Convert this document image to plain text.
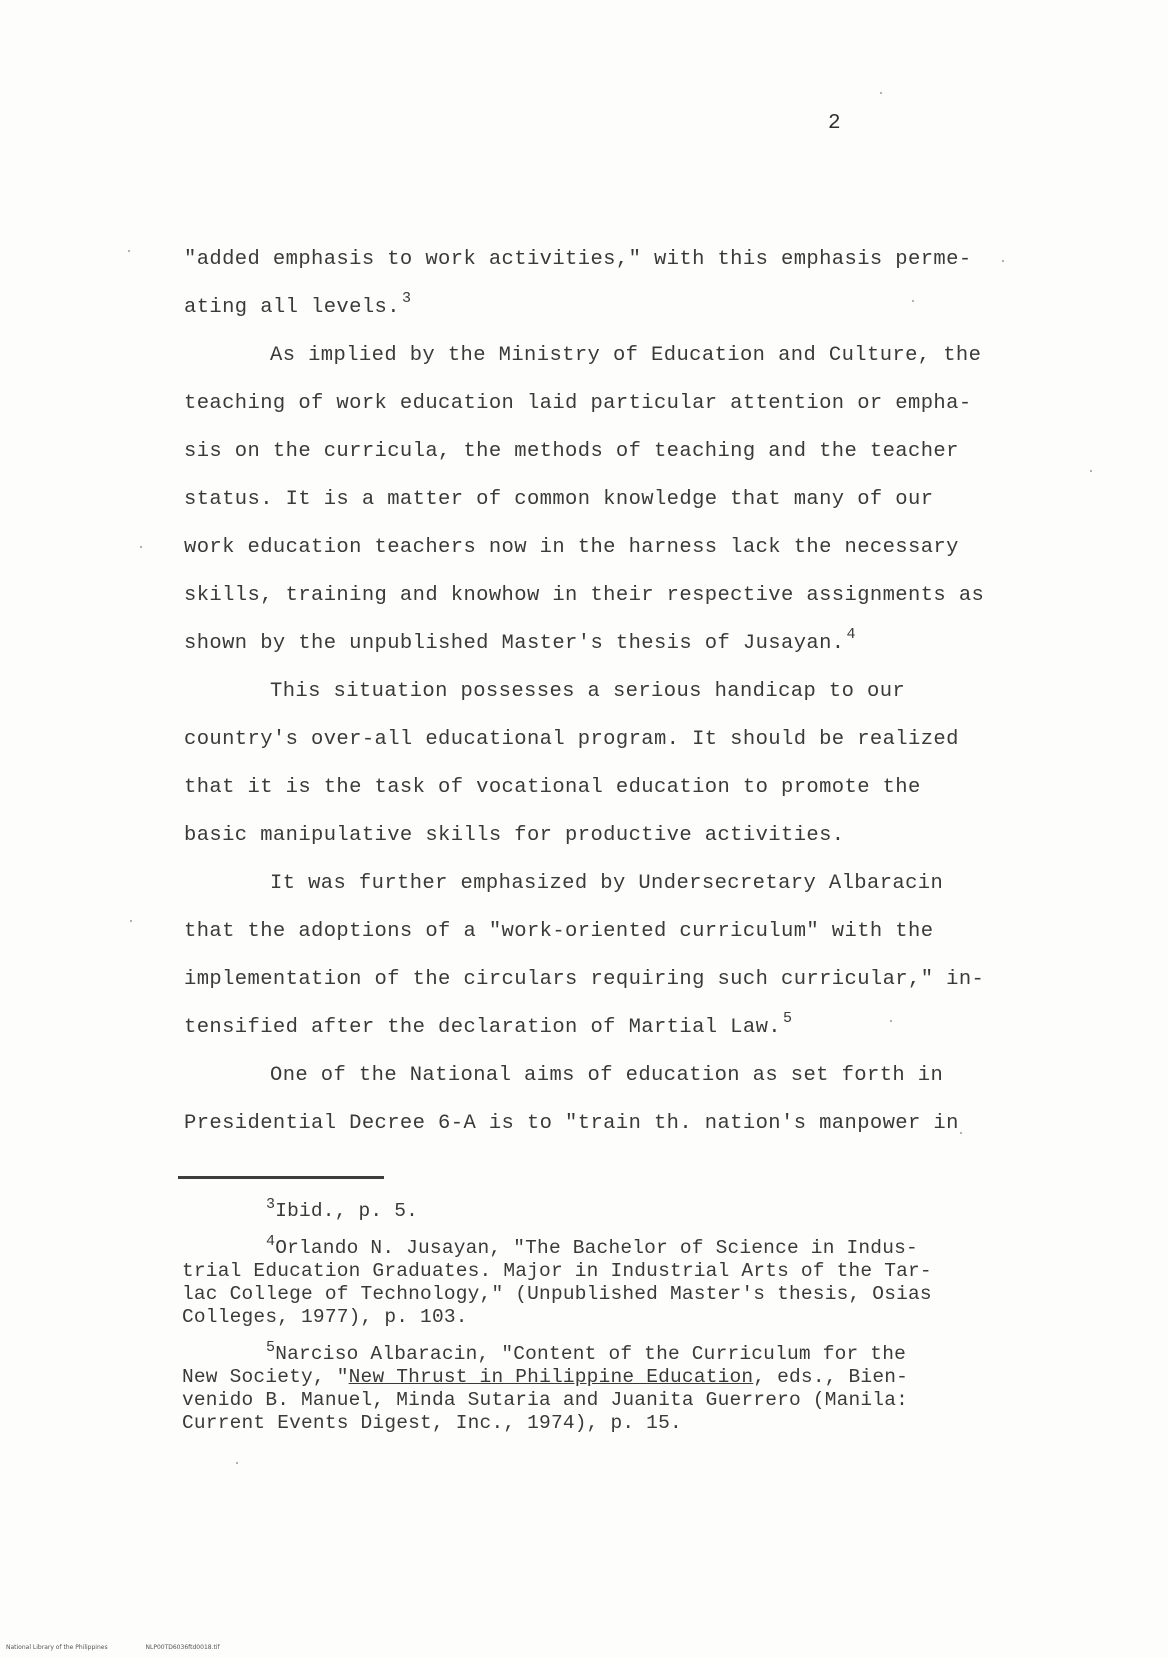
2
"added emphasis to work activities," with this emphasis perme-
ating all levels. $^3$
As implied by the Ministry of Education and Culture, the
teaching of work education laid particular attention or empha-
sis on the curricula, the methods of teaching and the teacher
status. It is a matter of common knowledge that many of our
work education teachers now in the harness lack the necessary
skills, training and knowhow in their respective assignments as
shown by the unpublished Master's thesis of Jusayan. $^4$
This situation possesses a serious handicap to our
country's over-all educational program. It should be realized
that it is the task of vocational education to promote the
basic manipulative skills for productive activities.
It was further emphasized by Undersecretary Albaracin
that the adoptions of a "work-oriented curriculum" with the
implementation of the circulars requiring such curricular," in-
tensified after the declaration of Martial Law. $^5$
One of the National aims of education as set forth in
Presidential Decree 6-A is to "train th. nation's manpower in
$^3$Ibid., p. 5.
$^4$Orlando N. Jusayan, "The Bachelor of Science in Indus-
trial Education Graduates. Major in Industrial Arts of the Tar-
lac College of Technology," (Unpublished Master's thesis, Osias
Colleges, 1977), p. 103.
$^5$Narciso Albaracin, "Content of the Curriculum for the
New Society, "New Thrust in Philippine Education, eds., Bien-
venido B. Manuel, Minda Sutaria and Juanita Guerrero (Manila:
Current Events Digest, Inc., 1974), p. 15.
National Library of the Philippines	NLP00TD6036ftd0018.tif
